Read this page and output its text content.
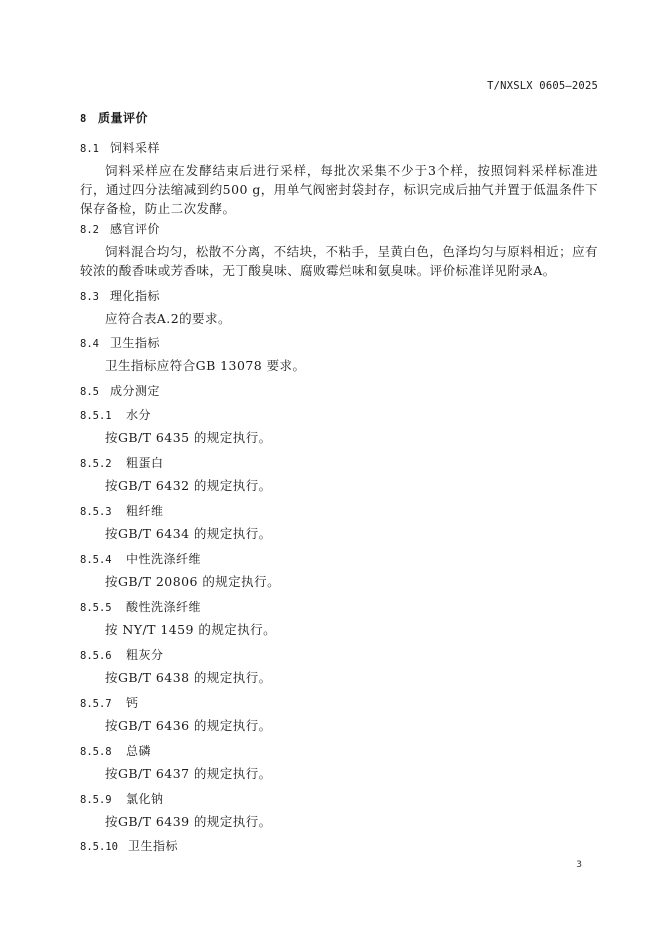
T/NXSLX 0605—2025
8 质量评价
8.1 饲料采样
饲料采样应在发酵结束后进行采样，每批次采集不少于3个样，按照饲料采样标准进行，通过四分法缩减到约500 g，用单气阀密封袋封存，标识完成后抽气并置于低温条件下保存备检，防止二次发酵。
8.2 感官评价
饲料混合均匀，松散不分离，不结块，不粘手，呈黄白色，色泽均匀与原料相近；应有较浓的酸香味或芳香味，无丁酸臭味、腐败霉烂味和氨臭味。评价标准详见附录A。
8.3 理化指标
应符合表A.2的要求。
8.4 卫生指标
卫生指标应符合GB 13078 要求。
8.5 成分测定
8.5.1 水分
按GB/T 6435 的规定执行。
8.5.2 粗蛋白
按GB/T 6432 的规定执行。
8.5.3 粗纤维
按GB/T 6434 的规定执行。
8.5.4 中性洗涤纤维
按GB/T 20806 的规定执行。
8.5.5 酸性洗涤纤维
按 NY/T 1459 的规定执行。
8.5.6 粗灰分
按GB/T 6438 的规定执行。
8.5.7 钙
按GB/T 6436 的规定执行。
8.5.8 总磷
按GB/T 6437 的规定执行。
8.5.9 氯化钠
按GB/T 6439 的规定执行。
8.5.10 卫生指标
3
